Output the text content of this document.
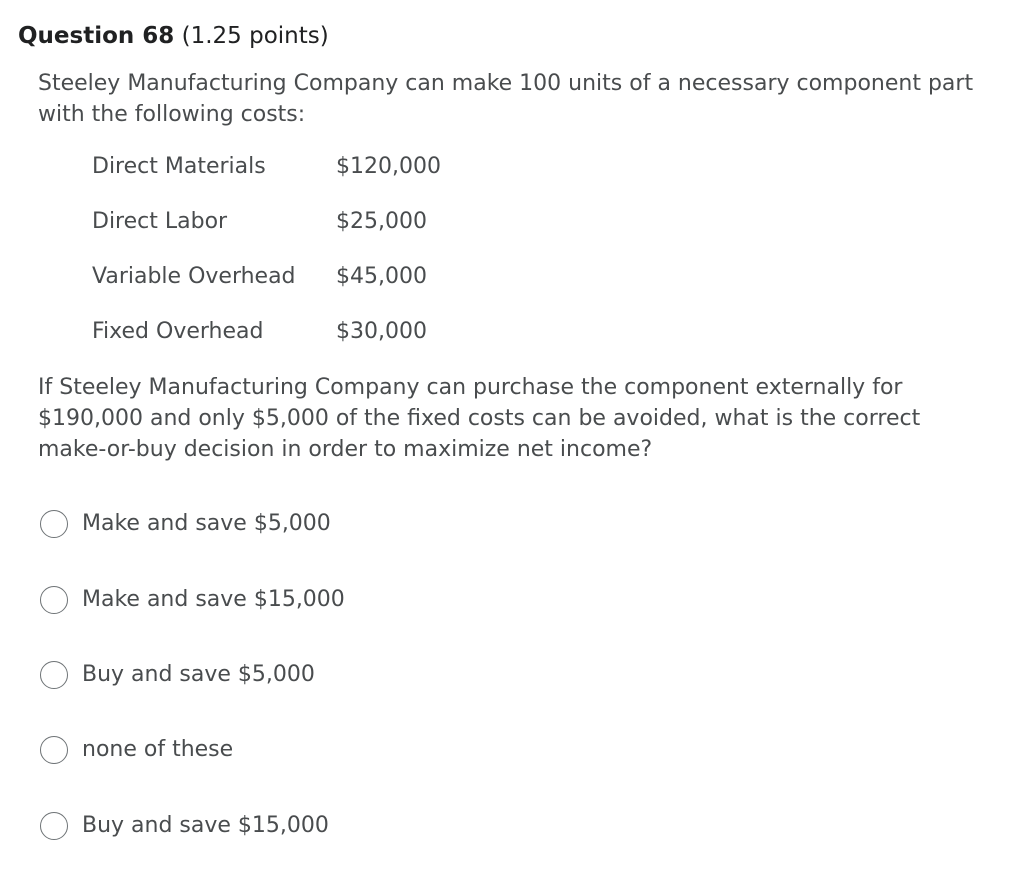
Question 68 (1.25 points)
Steeley Manufacturing Company can make 100 units of a necessary component part with the following costs:
Direct Materials	$120,000
Direct Labor	$25,000
Variable Overhead $45,000
Fixed Overhead	$30,000
If Steeley Manufacturing Company can purchase the component externally for $190,000 and only $5,000 of the fixed costs can be avoided, what is the correct make-or-buy decision in order to maximize net income?
Make and save $5,000
Make and save $15,000
Buy and save $5,000
none of these
Buy and save $15,000
